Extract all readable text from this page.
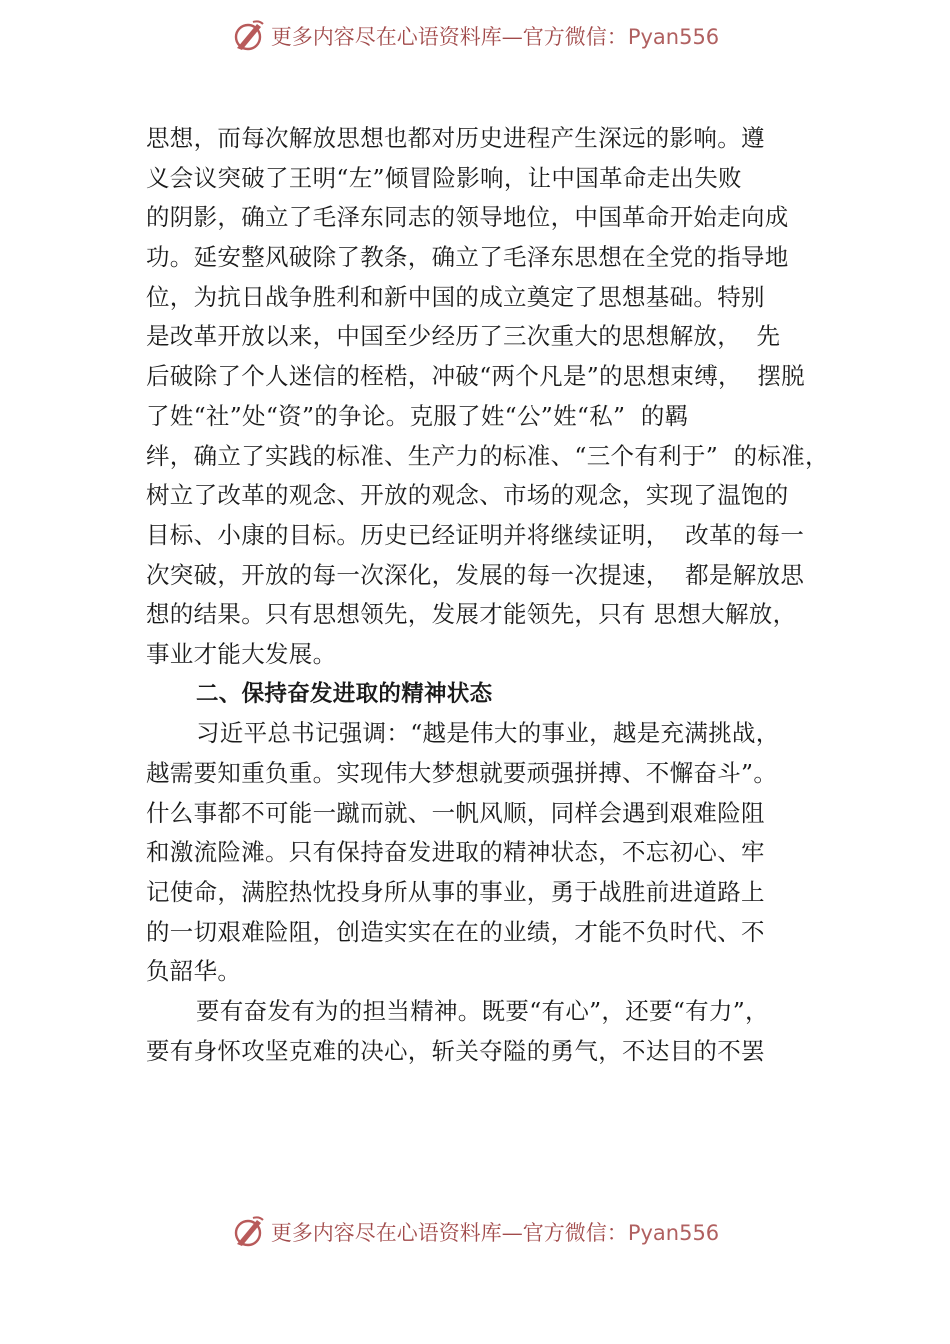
更多内容尽在心语资料库—官方微信：Pyan556
思想，而每次解放思想也都对历史进程产生深远的影响。遵
义会议突破了王明“左”倾冒险影响，让中国革命走出失败
的阴影，确立了毛泽东同志的领导地位，中国革命开始走向成
功。延安整风破除了教条，确立了毛泽东思想在全党的指导地
位，为抗日战争胜利和新中国的成立奠定了思想基础。特别
是改革开放以来，中国至少经历了三次重大的思想解放，  先
后破除了个人迷信的桎梏，冲破“两个凡是”的思想束缚，  摆脱
了姓“社”处“资”的争论。克服了姓“公”姓“私”  的羁
绊，确立了实践的标准、生产力的标准、“三个有利于”  的标准，
树立了改革的观念、开放的观念、市场的观念，实现了温饱的
目标、小康的目标。历史已经证明并将继续证明，  改革的每一
次突破，开放的每一次深化，发展的每一次提速，  都是解放思
想的结果。只有思想领先，发展才能领先，只有 思想大解放，
事业才能大发展。
二、保持奋发进取的精神状态
习近平总书记强调：“越是伟大的事业，越是充满挑战，
越需要知重负重。实现伟大梦想就要顽强拼搏、不懈奋斗”。
什么事都不可能一蹴而就、一帆风顺，同样会遇到艰难险阻
和激流险滩。只有保持奋发进取的精神状态，不忘初心、牢
记使命，满腔热忱投身所从事的事业，勇于战胜前进道路上
的一切艰难险阻，创造实实在在的业绩，才能不负时代、不
负韶华。
要有奋发有为的担当精神。既要“有心”，还要“有力”，
要有身怀攻坚克难的决心，斩关夺隘的勇气，不达目的不罢
更多内容尽在心语资料库—官方微信：Pyan556
